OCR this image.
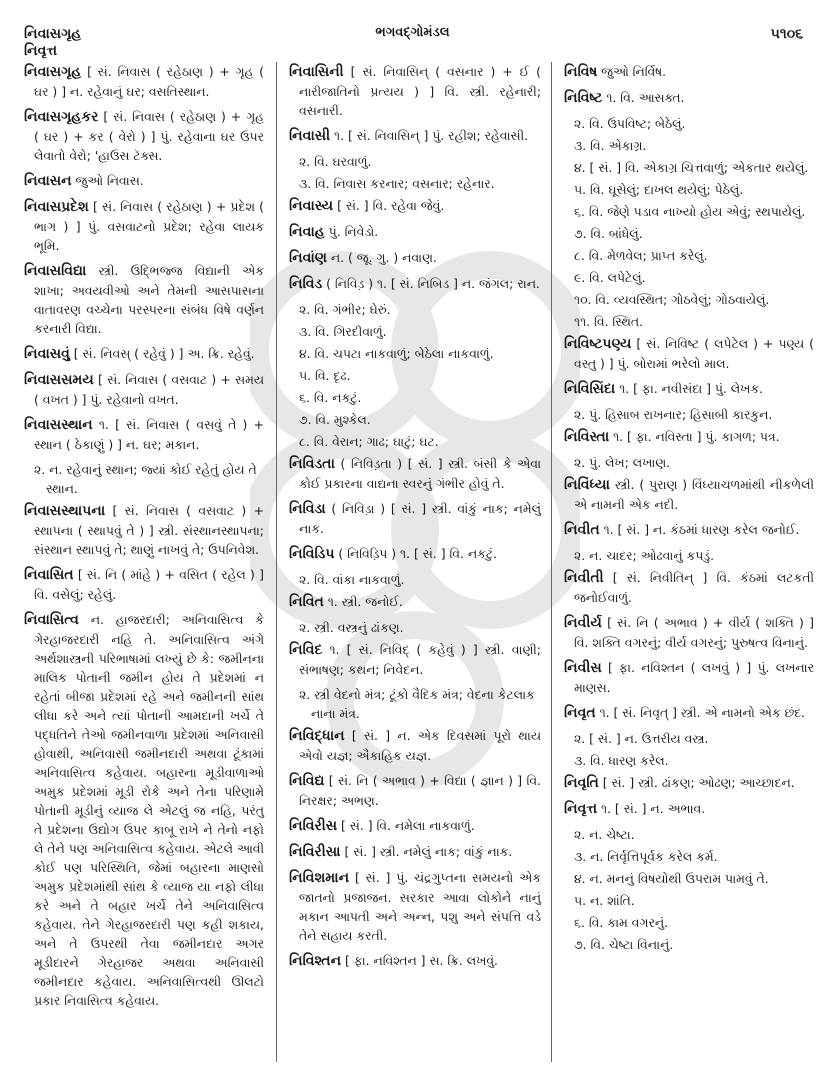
નિવાસગૃહ
નિવૃત્ત
ભગવદ્ગોમંડલ	૫૧૦૬

નિવાસગૃહ [ સં. નિવાસ ( રહેઠાણ ) + ગૃહ ( ઘર ) ] ન. રહેવાનું ઘર; વસતિસ્થાન.

નિવાસગૃહકર [ સં. નિવાસ ( રહેઠાણ ) + ગૃહ ( ઘર ) + કર ( વેરો ) ] પું. રહેવાના ઘર ઉપર લેવાતો વેરો; 'હાઉસ ટૅક્સ.

નિવાસન જુઓ નિવાસ.

નિવાસપ્રદેશ [ સં. નિવાસ ( રહેઠાણ ) + પ્રદેશ ( ભાગ ) ] પું. વસવાટનો પ્રદેશ; રહેવા લાયક ભૂમિ.

નિવાસવિદ્યા સ્ત્રી. ઉદ્ભિજ્જ વિદ્યાની એક શાખા; અવયવીઓ અને તેમની આસપાસના વાતાવરણ વચ્ચેના પરસ્પરના સંબંધ વિષે વર્ણન કરનારી વિદ્યા.

નિવાસવું [ સં. નિવસ્ ( રહેવું ) ] અ. ક્રિ. રહેવું.

નિવાસસમય [ સં. નિવાસ ( વસવાટ ) + સમય ( વખત ) ] પું. રહેવાનો વખત.

નિવાસસ્થાન ૧. [ સં. નિવાસ ( વસવું તે ) + સ્થાન ( ઠેકાણું ) ] ન. ઘર; મકાન.

૨. ન. રહેવાનું સ્થાન; જ્યાં કોઈ રહેતું હોય તે સ્થાન.

નિવાસસ્થાપના [ સં. નિવાસ ( વસવાટ ) + સ્થાપના ( સ્થાપવું તે ) ] સ્ત્રી. સંસ્થાનસ્થાપના; સંસ્થાન સ્થાપવું તે; થાણું નાખવું તે; ઉપનિવેશ.

નિવાસિત [ સં. નિ ( માંહે ) + વસિત ( રહેલ ) ] વિ. વસેલું; રહેલું.

નિવાસિત્વ ન. હાજરદારી; અનિવાસિત્વ કે ગેરહાજરદારી નહિ તે. અનિવાસિત્વ અંગે અર્થશાસ્ત્રની પરિભાષામાં લખ્યું છે કે: જમીનના માલિક પોતાની જમીન હોય તે પ્રદેશમાં ન રહેતાં બીજા પ્રદેશમાં રહે અને જમીનની સાંથ લીધા કરે અને ત્યાં પોતાની આમદાની ખર્ચે તે પદ્ધતિને તેઓ જમીનવાળા પ્રદેશમાં અનિવાસી હોવાથી, અનિવાસી જમીનદારી અથવા ટૂંકામાં અનિવાસિત્વ કહેવાય. બહારના મૂડીવાળાઓ અમુક પ્રદેશમાં મૂડી રોકે અને તેના પરિણામે પોતાની મૂડીનું વ્યાજ લે એટલું જ નહિ, પરંતુ તે પ્રદેશના ઉદ્યોગ ઉપર કાબૂ રાખે ને તેનો નફો લે તેને પણ અનિવાસિત્વ કહેવાય. એટલે આવી કોઈ પણ પરિસ્થિતિ, જેમાં બહારના માણસો અમુક પ્રદેશમાંથી સાંથ કે વ્યાજ યા નફો લીધા કરે અને તે બહાર ખર્ચે તેને અનિવાસિત્વ કહેવાય. તેને ગેરહાજરદારી પણ કહી શકાય, અને તે ઉપરથી તેવા જમીનદાર અગર મૂડીદારને ગેરહાજર અથવા અનિવાસી જમીનદાર કહેવાય. અનિવાસિત્વથી ઊલટો પ્રકાર નિવાસિત્વ કહેવાય.

નિવાસિની [ સં. નિવાસિન્ ( વસનાર ) + ઈ ( નારીજાતિનો પ્રત્યય ) ] વિ. સ્ત્રી. રહેનારી; વસનારી.

નિવાસી ૧. [ સં. નિવાસિન્ ] પું. રહીશ; રહેવાસી.

૨. વિ. ઘરવાળું.

૩. વિ. નિવાસ કરનાર; વસનાર; રહેનાર.

નિવાસ્ય [ સં. ] વિ. રહેવા જેવું.

નિવાહ પું. નિવેડો.

નિવાંણ ન. ( જૂ. ગુ. ) નવાણ.

નિવિડ ( નિવિડ઼ ) ૧. [ સં. નિબિડ ] ન. જંગલ; રાન.

૨. વિ. ગંભીર; ઘેરું.

૩. વિ. ગિરદીવાળું.

૪. વિ. ચપટા નાકવાળું; બેઠેલા નાકવાળું.

૫. વિ. દૃઢ.

૬. વિ. નકટું.

૭. વિ. મુશ્કેલ.

૮. વિ. વેરાન; ગાઢ; ઘાટું; ઘટ.

નિવિડતા ( નિવિડ઼તા ) [ સં. ] સ્ત્રી. બંસી કે એવા કોઈ પ્રકારના વાદ્યના સ્વરનું ગંભીર હોવું તે.

નિવિડા ( નિવિડ઼ા ) [ સં. ] સ્ત્રી. વાંકું નાક; નમેલું નાક.

નિવિડિપ ( નિવિડ઼િપ ) ૧. [ સં. ] વિ. નકટું.

૨. વિ. વાંકા નાકવાળું.

નિવિત ૧. સ્ત્રી. જનોઈ.

૨. સ્ત્રી. વસ્ત્રનું ઢાંકણ.

નિવિદ ૧. [ સં. નિવિદ્ ( કહેવું ) ] સ્ત્રી. વાણી; સંભાષણ; કથન; નિવેદન.

૨. સ્ત્રી વેદનો મંત્ર; ટૂંકો વૈદિક મંત્ર; વેદના કેટલાક નાના મંત્ર.

નિવિદ્ધાન [ સં. ] ન. એક દિવસમાં પૂરો થાય એવો યજ્ઞ; ઐકાહિક યજ્ઞ.

નિવિદ્ય [ સં. નિ ( અભાવ ) + વિદ્યા ( જ્ઞાન ) ] વિ. નિરક્ષર; અભણ.

નિવિરીસ [ સં. ] વિ. નમેલા નાકવાળું.

નિવિરીસા [ સં. ] સ્ત્રી. નમેલું નાક; વાંકું નાક.

નિવિશમાન [ સં. ] પું. ચંદ્રગુપ્તના સમયનો એક જાતનો પ્રજાજન. સરકાર આવા લોકોને નાનું મકાન આપતી અને અન્ન, પશુ અને સંપત્તિ વડે તેને સહાય કરતી.

નિવિશ્તન [ ફા. નવિશ્તન ] સ. ક્રિ. લખવું.

નિવિષ જુઓ નિર્વિષ.

નિવિષ્ટ ૧. વિ. આસક્ત.

૨. વિ. ઉપવિષ્ટ; બેઠેલું.

૩. વિ. એકાગ્ર.

૪. [ સં. ] વિ. એકાગ્ર ચિત્તવાળું; એકતાર થયેલું.

૫. વિ. ઘૂસેલું; દાખલ થયેલું; પેઠેલું.

૬. વિ. જેણે પડાવ નાખ્યો હોય એવું; સ્થપાયેલું.

૭. વિ. બાંધેલું.

૮. વિ. મેળવેલ; પ્રાપ્ત કરેલું.

૯. વિ. લપેટેલું.

૧૦. વિ. વ્યવસ્થિત; ગોઠવેલું; ગોઠવાયેલું.

૧૧. વિ. સ્થિત.

નિવિષ્ટપણ્ય [ સં. નિવિષ્ટ ( લપેટેલ ) + પણ્ય ( વસ્તુ ) ] પું. બોરામાં ભરેલો માલ.

નિવિસિંદા ૧. [ ફા. નવીસંદા ] પું. લેખક.

૨. પું. હિસાબ રાખનાર; હિસાબી કારકુન.

નિવિસ્તા ૧. [ ફા. નવિસ્તા ] પું. કાગળ; પત્ર.

૨. પું. લેખ; લખાણ.

નિવિંધ્યા સ્ત્રી. ( પુરાણ ) વિંધ્યાચળમાંથી નીકળેલી એ નામની એક નદી.

નિવીત ૧. [ સં. ] ન. કંઠમાં ધારણ કરેલ જનોઈ.

૨. ન. ચાદર; ઓઢવાનું કપડું.

નિવીતી [ સં. નિવીતિન્ ] વિ. કંઠમાં લટકતી જનોઈવાળું.

નિવીર્ય [ સં. નિ ( અભાવ ) + વીર્ય ( શક્તિ ) ] વિ. શક્તિ વગરનું; વીર્ય વગરનું; પુરુષત્વ વિનાનું.

નિવીસ [ ફા. નવિશ્તન ( લખવું ) ] પું. લખનાર માણસ.

નિવૃત ૧. [ સં. નિવૃત્ ] સ્ત્રી. એ નામનો એક છંદ.

૨. [ સં. ] ન. ઉત્તરીય વસ્ત્ર.

૩. વિ. ધારણ કરેલ.

નિવૃતિ [ સં. ] સ્ત્રી. ઢાંકણ; ઓઢણ; આચ્છાદન.

નિવૃત્ત ૧. [ સં. ] ન. અભાવ.

૨. ન. ચેષ્ટા.

૩. ન. નિર્વૃત્તિપૂર્વક કરેલ કર્મ.

૪. ન. મનનું વિષયોથી ઉપરામ પામવું તે.

૫. ન. શાંતિ.

૬. વિ. કામ વગરનું.

૭. વિ. ચેષ્ટા વિનાનું.
